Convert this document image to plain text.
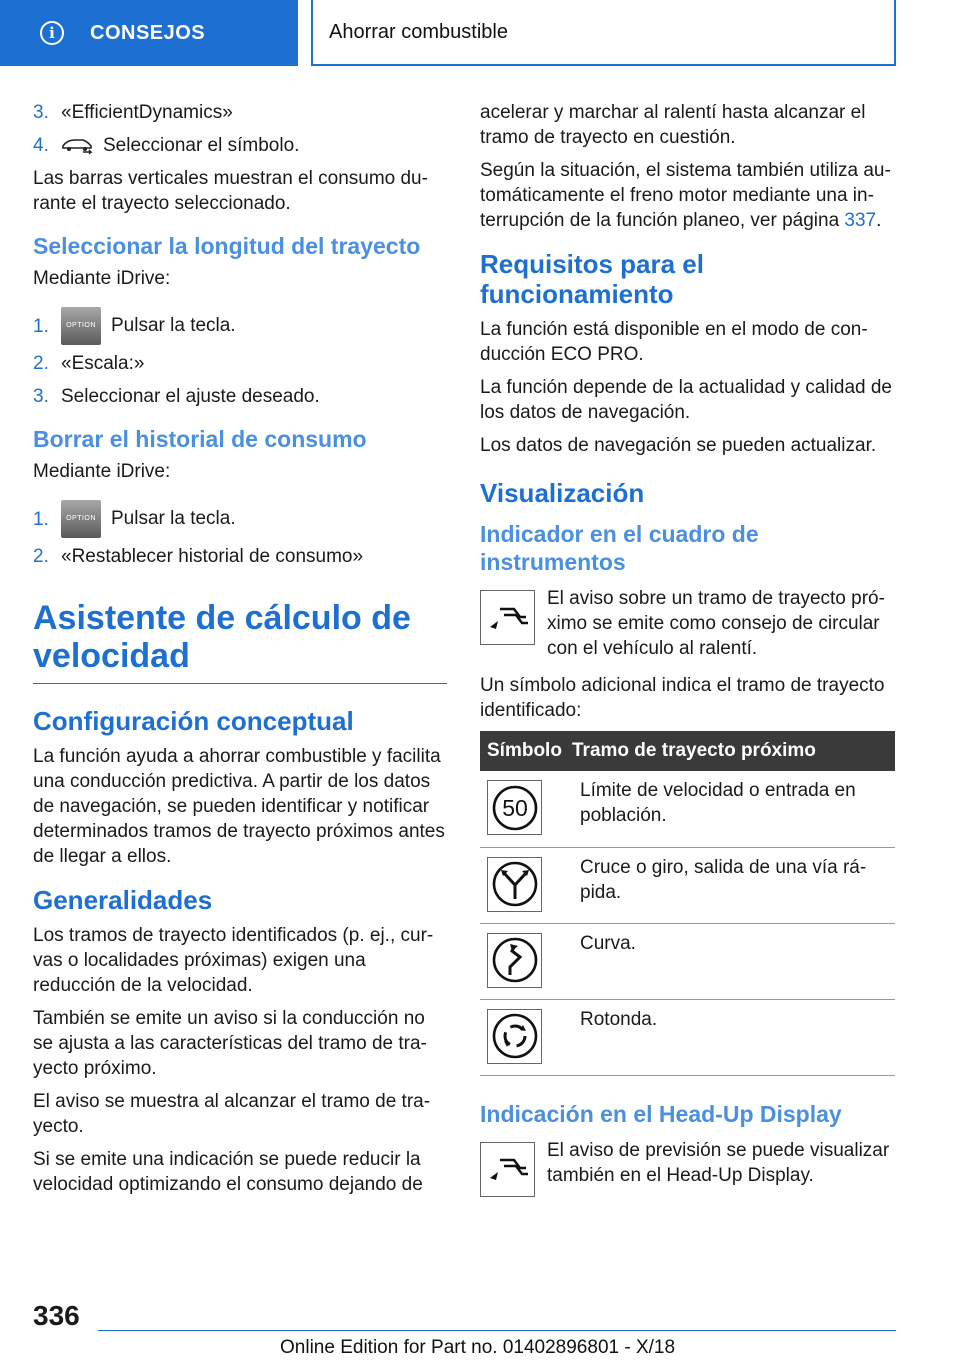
i	CONSEJOS	Ahorrar combustible
3. «EfficientDynamics»
4.	Seleccionar el símbolo.

Las barras verticales muestran el consumo du-rante el trayecto seleccionado.

Seleccionar la longitud del trayecto

Mediante iDrive:

1.	OPTION Pulsar la tecla.
2. «Escala:»
3. Seleccionar el ajuste deseado.
Borrar el historial de consumo

Mediante iDrive:

1.	OPTION Pulsar la tecla.
2. «Restablecer historial de consumo»
Asistente de cálculo de velocidad
Configuración conceptual

La función ayuda a ahorrar combustible y facilita una conducción predictiva. A partir de los datos de navegación, se pueden identificar y notificar determinados tramos de trayecto próximos antes de llegar a ellos.

Generalidades

Los tramos de trayecto identificados (p. ej., cur-vas o localidades próximas) exigen una reducción de la velocidad.

También se emite un aviso si la conducción no se ajusta a las características del tramo de tra-yecto próximo.

El aviso se muestra al alcanzar el tramo de tra-yecto.

Si se emite una indicación se puede reducir la velocidad optimizando el consumo dejando de

acelerar y marchar al ralentí hasta alcanzar el tramo de trayecto en cuestión.

Según la situación, el sistema también utiliza au-tomáticamente el freno motor mediante una in-terrupción de la función planeo, ver página 337.

Requisitos para el funcionamiento

La función está disponible en el modo de con-ducción ECO PRO.

La función depende de la actualidad y calidad de los datos de navegación.

Los datos de navegación se pueden actualizar.

Visualización
Indicador en el cuadro de instrumentos
El aviso sobre un tramo de trayecto pró-ximo se emite como consejo de circular con el vehículo al ralentí.

Un símbolo adicional indica el tramo de trayecto identificado:

Símbolo	Tramo de trayecto próximo

50	Límite de velocidad o entrada en población.

	Cruce o giro, salida de una vía rá-pida.

	Curva.

	Rotonda.
Indicación en el Head-Up Display
El aviso de previsión se puede visualizar también en el Head-Up Display.
336
Online Edition for Part no. 01402896801 - X/18
